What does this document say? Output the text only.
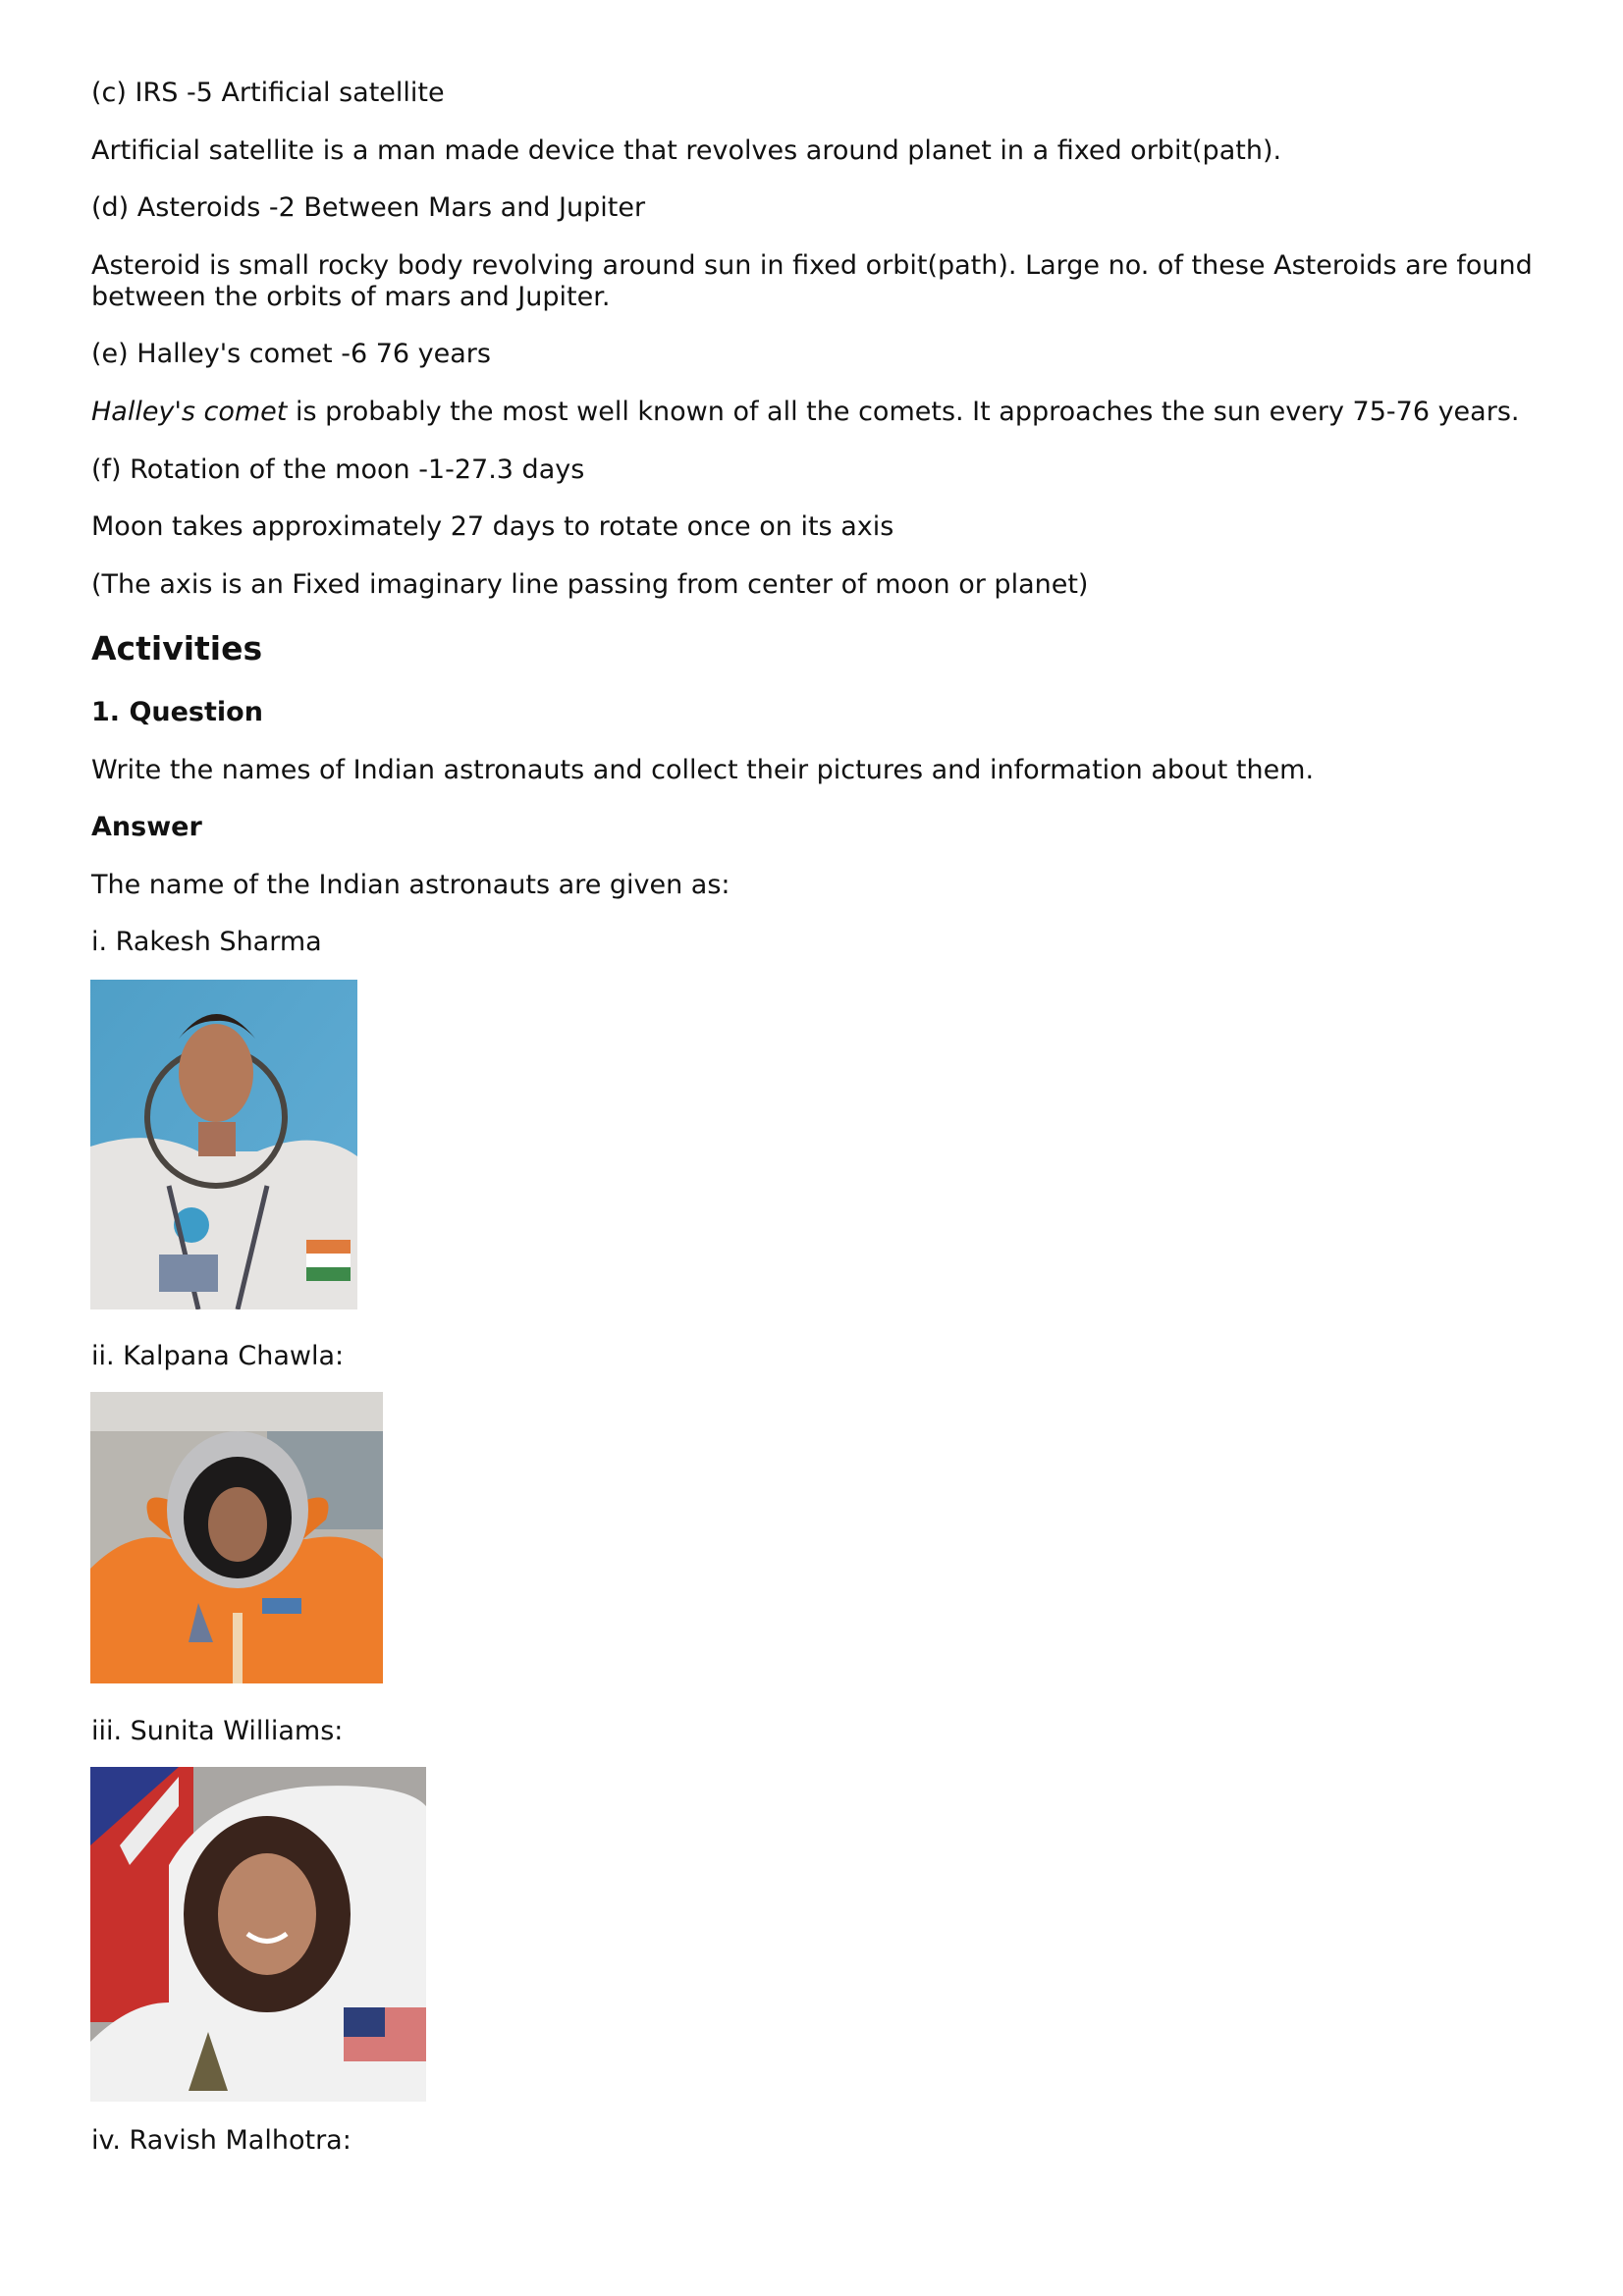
(c) IRS -5 Artificial satellite
Artificial satellite is a man made device that revolves around planet in a fixed orbit(path).
(d) Asteroids -2 Between Mars and Jupiter
Asteroid is small rocky body revolving around sun in fixed orbit(path). Large no. of these Asteroids are found between the orbits of mars and Jupiter.
(e) Halley's comet -6 76 years
Halley's comet is probably the most well known of all the comets. It approaches the sun every 75-76 years.
(f) Rotation of the moon -1-27.3 days
Moon takes approximately 27 days to rotate once on its axis
(The axis is an Fixed imaginary line passing from center of moon or planet)
Activities
1. Question
Write the names of Indian astronauts and collect their pictures and information about them.
Answer
The name of the Indian astronauts are given as:
i. Rakesh Sharma
ii. Kalpana Chawla:
iii. Sunita Williams:
iv. Ravish Malhotra:
